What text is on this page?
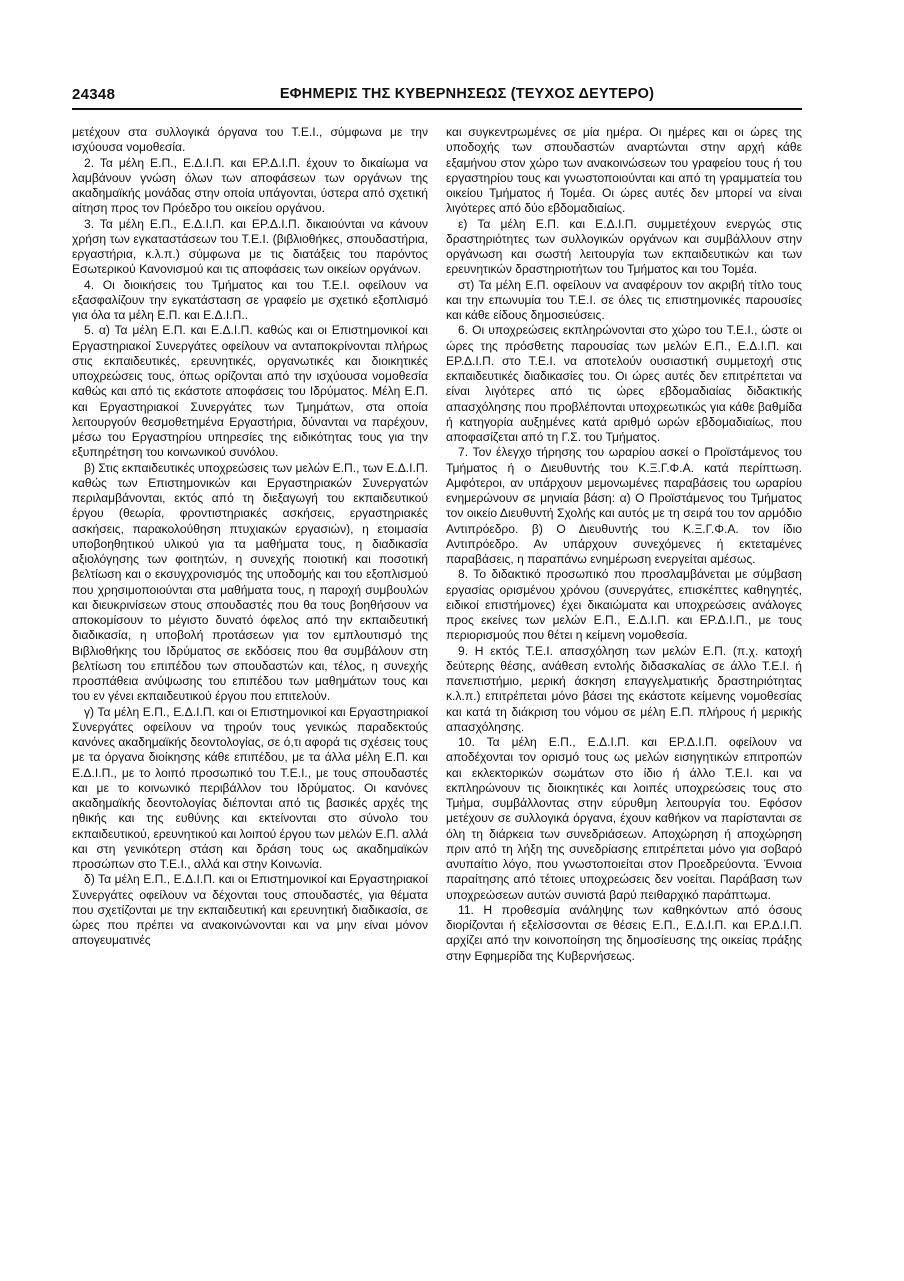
24348	ΕΦΗΜΕΡΙΣ ΤΗΣ ΚΥΒΕΡΝΗΣΕΩΣ (ΤΕΥΧΟΣ ΔΕΥΤΕΡΟ)

μετέχουν στα συλλογικά όργανα του Τ.Ε.Ι., σύμφωνα με την ισχύουσα νομοθεσία.

2. Τα μέλη Ε.Π., Ε.Δ.Ι.Π. και ΕΡ.Δ.Ι.Π. έχουν το δικαίωμα να λαμβάνουν γνώση όλων των αποφάσεων των οργάνων της ακαδημαϊκής μονάδας στην οποία υπάγονται, ύστερα από σχετική αίτηση προς τον Πρόεδρο του οικείου οργάνου.

3. Τα μέλη Ε.Π., Ε.Δ.Ι.Π. και ΕΡ.Δ.Ι.Π. δικαιούνται να κάνουν χρήση των εγκαταστάσεων του Τ.Ε.Ι. (βιβλιοθήκες, σπουδαστήρια, εργαστήρια, κ.λ.π.) σύμφωνα με τις διατάξεις του παρόντος Εσωτερικού Κανονισμού και τις αποφάσεις των οικείων οργάνων.

4. Οι διοικήσεις του Τμήματος και του Τ.Ε.Ι. οφείλουν να εξασφαλίζουν την εγκατάσταση σε γραφείο με σχετικό εξοπλισμό για όλα τα μέλη Ε.Π. και Ε.Δ.Ι.Π..

5. α) Τα μέλη Ε.Π. και Ε.Δ.Ι.Π. καθώς και οι Επιστημονικοί και Εργαστηριακοί Συνεργάτες οφείλουν να ανταποκρίνονται πλήρως στις εκπαιδευτικές, ερευνητικές, οργανωτικές και διοικητικές υποχρεώσεις τους, όπως ορίζονται από την ισχύουσα νομοθεσία καθώς και από τις εκάστοτε αποφάσεις του Ιδρύματος. Μέλη Ε.Π. και Εργαστηριακοί Συνεργάτες των Τμημάτων, στα οποία λειτουργούν θεσμοθετημένα Εργαστήρια, δύνανται να παρέχουν, μέσω του Εργαστηρίου υπηρεσίες της ειδικότητας τους για την εξυπηρέτηση του κοινωνικού συνόλου.

β) Στις εκπαιδευτικές υποχρεώσεις των μελών Ε.Π., των Ε.Δ.Ι.Π. καθώς των Επιστημονικών και Εργαστηριακών Συνεργατών περιλαμβάνονται, εκτός από τη διεξαγωγή του εκπαιδευτικού έργου (θεωρία, φροντιστηριακές ασκήσεις, εργαστηριακές ασκήσεις, παρακολούθηση πτυχιακών εργασιών), η ετοιμασία υποβοηθητικού υλικού για τα μαθήματα τους, η διαδικασία αξιολόγησης των φοιτητών, η συνεχής ποιοτική και ποσοτική βελτίωση και ο εκσυγχρονισμός της υποδομής και του εξοπλισμού που χρησιμοποιούνται στα μαθήματα τους, η παροχή συμβουλών και διευκρινίσεων στους σπουδαστές που θα τους βοηθήσουν να αποκομίσουν το μέγιστο δυνατό όφελος από την εκπαιδευτική διαδικασία, η υποβολή προτάσεων για τον εμπλουτισμό της Βιβλιοθήκης του Ιδρύματος σε εκδόσεις που θα συμβάλουν στη βελτίωση του επιπέδου των σπουδαστών και, τέλος, η συνεχής προσπάθεια ανύψωσης του επιπέδου των μαθημάτων τους και του εν γένει εκπαιδευτικού έργου που επιτελούν.

γ) Τα μέλη Ε.Π., Ε.Δ.Ι.Π. και οι Επιστημονικοί και Εργαστηριακοί Συνεργάτες οφείλουν να τηρούν τους γενικώς παραδεκτούς κανόνες ακαδημαϊκής δεοντολογίας, σε ό,τι αφορά τις σχέσεις τους με τα όργανα διοίκησης κάθε επιπέδου, με τα άλλα μέλη Ε.Π. και Ε.Δ.Ι.Π., με το λοιπό προσωπικό του Τ.Ε.Ι., με τους σπουδαστές και με το κοινωνικό περιβάλλον του Ιδρύματος. Οι κανόνες ακαδημαϊκής δεοντολογίας διέπονται από τις βασικές αρχές της ηθικής και της ευθύνης και εκτείνονται στο σύνολο του εκπαιδευτικού, ερευνητικού και λοιπού έργου των μελών Ε.Π. αλλά και στη γενικότερη στάση και δράση τους ως ακαδημαϊκών προσώπων στο Τ.Ε.Ι., αλλά και στην Κοινωνία.

δ) Τα μέλη Ε.Π., Ε.Δ.Ι.Π. και οι Επιστημονικοί και Εργαστηριακοί Συνεργάτες οφείλουν να δέχονται τους σπουδαστές, για θέματα που σχετίζονται με την εκπαιδευτική και ερευνητική διαδικασία, σε ώρες που πρέπει να ανακοινώνονται και να μην είναι μόνον απογευματινές

και συγκεντρωμένες σε μία ημέρα. Οι ημέρες και οι ώρες της υποδοχής των σπουδαστών αναρτώνται στην αρχή κάθε εξαμήνου στον χώρο των ανακοινώσεων του γραφείου τους ή του εργαστηρίου τους και γνωστοποιούνται και από τη γραμματεία του οικείου Τμήματος ή Τομέα. Οι ώρες αυτές δεν μπορεί να είναι λιγότερες από δύο εβδομαδιαίως.

ε) Τα μέλη Ε.Π. και Ε.Δ.Ι.Π. συμμετέχουν ενεργώς στις δραστηριότητες των συλλογικών οργάνων και συμβάλλουν στην οργάνωση και σωστή λειτουργία των εκπαιδευτικών και των ερευνητικών δραστηριοτήτων του Τμήματος και του Τομέα.

στ) Τα μέλη Ε.Π. οφείλουν να αναφέρουν τον ακριβή τίτλο τους και την επωνυμία του Τ.Ε.Ι. σε όλες τις επιστημονικές παρουσίες και κάθε είδους δημοσιεύσεις.

6. Οι υποχρεώσεις εκπληρώνονται στο χώρο του Τ.Ε.Ι., ώστε οι ώρες της πρόσθετης παρουσίας των μελών Ε.Π., Ε.Δ.Ι.Π. και ΕΡ.Δ.Ι.Π. στο Τ.Ε.Ι. να αποτελούν ουσιαστική συμμετοχή στις εκπαιδευτικές διαδικασίες του. Οι ώρες αυτές δεν επιτρέπεται να είναι λιγότερες από τις ώρες εβδομαδιαίας διδακτικής απασχόλησης που προβλέπονται υποχρεωτικώς για κάθε βαθμίδα ή κατηγορία αυξημένες κατά αριθμό ωρών εβδομαδιαίως, που αποφασίζεται από τη Γ.Σ. του Τμήματος.

7. Τον έλεγχο τήρησης του ωραρίου ασκεί ο Προϊστάμενος του Τμήματος ή ο Διευθυντής του Κ.Ξ.Γ.Φ.Α. κατά περίπτωση. Αμφότεροι, αν υπάρχουν μεμονωμένες παραβάσεις του ωραρίου ενημερώνουν σε μηνιαία βάση: α) Ο Προϊστάμενος του Τμήματος τον οικείο Διευθυντή Σχολής και αυτός με τη σειρά του τον αρμόδιο Αντιπρόεδρο. β) Ο Διευθυντής του Κ.Ξ.Γ.Φ.Α. τον ίδιο Αντιπρόεδρο. Αν υπάρχουν συνεχόμενες ή εκτεταμένες παραβάσεις, η παραπάνω ενημέρωση ενεργείται αμέσως.

8. Το διδακτικό προσωπικό που προσλαμβάνεται με σύμβαση εργασίας ορισμένου χρόνου (συνεργάτες, επισκέπτες καθηγητές, ειδικοί επιστήμονες) έχει δικαιώματα και υποχρεώσεις ανάλογες προς εκείνες των μελών Ε.Π., Ε.Δ.Ι.Π. και ΕΡ.Δ.Ι.Π., με τους περιορισμούς που θέτει η κείμενη νομοθεσία.

9. Η εκτός Τ.Ε.Ι. απασχόληση των μελών Ε.Π. (π.χ. κατοχή δεύτερης θέσης, ανάθεση εντολής διδασκαλίας σε άλλο Τ.Ε.Ι. ή πανεπιστήμιο, μερική άσκηση επαγγελματικής δραστηριότητας κ.λ.π.) επιτρέπεται μόνο βάσει της εκάστοτε κείμενης νομοθεσίας και κατά τη διάκριση του νόμου σε μέλη Ε.Π. πλήρους ή μερικής απασχόλησης.

10. Τα μέλη Ε.Π., Ε.Δ.Ι.Π. και ΕΡ.Δ.Ι.Π. οφείλουν να αποδέχονται τον ορισμό τους ως μελών εισηγητικών επιτροπών και εκλεκτορικών σωμάτων στο ίδιο ή άλλο Τ.Ε.Ι. και να εκπληρώνουν τις διοικητικές και λοιπές υποχρεώσεις τους στο Τμήμα, συμβάλλοντας στην εύρυθμη λειτουργία του. Εφόσον μετέχουν σε συλλογικά όργανα, έχουν καθήκον να παρίστανται σε όλη τη διάρκεια των συνεδριάσεων. Αποχώρηση ή αποχώρηση πριν από τη λήξη της συνεδρίασης επιτρέπεται μόνο για σοβαρό ανυπαίτιο λόγο, που γνωστοποιείται στον Προεδρεύοντα. Έννοια παραίτησης από τέτοιες υποχρεώσεις δεν νοείται. Παράβαση των υποχρεώσεων αυτών συνιστά βαρύ πειθαρχικό παράπτωμα.

11. Η προθεσμία ανάληψης των καθηκόντων από όσους διορίζονται ή εξελίσσονται σε θέσεις Ε.Π., Ε.Δ.Ι.Π. και ΕΡ.Δ.Ι.Π. αρχίζει από την κοινοποίηση της δημοσίευσης της οικείας πράξης στην Εφημερίδα της Κυβερνήσεως.
